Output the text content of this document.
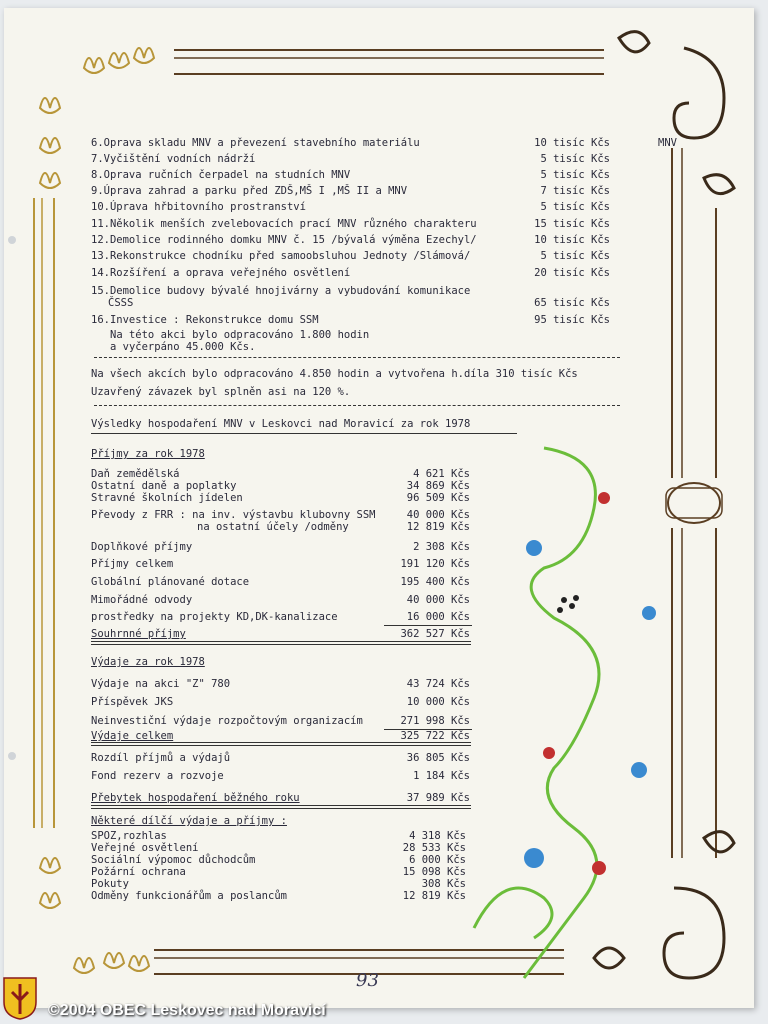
6.Oprava skladu MNV a převezení stavebního materiálu	10 tisíc Kčs	MNV
7.Vyčištění vodních nádrží	5 tisíc Kčs
8.Oprava ručních čerpadel na studních MNV	5 tisíc Kčs
9.Úprava zahrad a parku před ZDŠ,MŠ I ,MŠ II a MNV	7 tisíc Kčs
10.Úprava hřbitovního prostranství	5 tisíc Kčs
11.Několik menších zvelebovacích prací MNV různého charakteru	15 tisíc Kčs
12.Demolice rodinného domku MNV č. 15 /bývalá výměna Ezechyl/	10 tisíc Kčs
13.Rekonstrukce chodníku před samoobsluhou Jednoty /Slámová/	5 tisíc Kčs
14.Rozšíření a oprava veřejného osvětlení	20 tisíc Kčs
15.Demolice budovy bývalé hnojivárny a vybudování komunikace
ČSSS	65 tisíc Kčs
16.Investice : Rekonstrukce domu SSM	95 tisíc Kčs
Na této akci bylo odpracováno 1.800 hodin
a vyčerpáno 45.000 Kčs.
Na všech akcích bylo odpracováno 4.850 hodin a vytvořena h.díla 310 tisíc Kčs
Uzavřený závazek byl splněn asi na 120 %.
Výsledky hospodaření MNV v Leskovci nad Moravicí za rok 1978
Příjmy za rok 1978
Daň zemědělská	4 621 Kčs
Ostatní daně a poplatky	34 869 Kčs
Stravné školních jídelen	96 509 Kčs
Převody z FRR : na inv. výstavbu klubovny SSM	40 000 Kčs
na ostatní účely /odměny	12 819 Kčs
Doplňkové příjmy	2 308 Kčs
Příjmy celkem	191 120 Kčs
Globální plánované dotace	195 400 Kčs
Mimořádné odvody	40 000 Kčs
prostředky na projekty KD,DK-kanalizace	16 000 Kčs
Souhrnné příjmy	362 527 Kčs
Výdaje za rok 1978
Výdaje na akci "Z" 780	43 724 Kčs
Příspěvek JKS	10 000 Kčs
Neinvestiční výdaje rozpočtovým organizacím	271 998 Kčs
Výdaje celkem	325 722 Kčs
Rozdíl příjmů a výdajů	36 805 Kčs
Fond rezerv a rozvoje	1 184 Kčs
Přebytek hospodaření běžného roku	37 989 Kčs
Některé dílčí výdaje a příjmy :
SPOZ,rozhlas	4 318 Kčs
Veřejné osvětlení	28 533 Kčs
Sociální výpomoc důchodcům	6 000 Kčs
Požární ochrana	15 098 Kčs
Pokuty	308 Kčs
Odměny funkcionářům a poslancům	12 819 Kčs
93
©2004 OBEC Leskovec nad Moravicí
